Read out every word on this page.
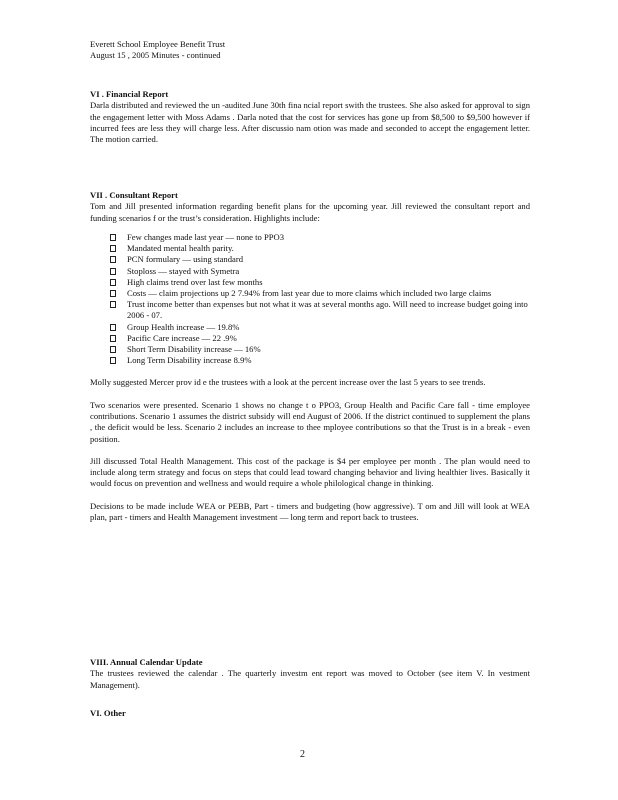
Everett School Employee Benefit Trust
August 15 , 2005 Minutes - continued
VI . Financial Report

Darla distributed and reviewed the un -audited June 30th fina ncial report swith the trustees. She also asked for approval to sign the engagement letter with Moss Adams . Darla noted that the cost for services has gone up from $8,500 to $9,500 however if incurred fees are less they will charge less. After discussio nam otion was made and seconded to accept the engagement letter. The motion carried.

VII . Consultant Report

Tom and Jill presented information regarding benefit plans for the upcoming year. Jill reviewed the consultant report and funding scenarios f or the trust’s consideration. Highlights include:

Few changes made last year — none to PPO3
Mandated mental health parity.
PCN formulary — using standard
Stoploss — stayed with Symetra
High claims trend over last few months
Costs — claim projections up 2 7.94% from last year due to more claims which included two large claims
Trust income better than expenses but not what it was at several months ago. Will need to increase budget going into 2006 - 07.
Group Health increase — 19.8%
Pacific Care increase — 22 .9%
Short Term Disability increase — 16%
Long Term Disability increase 8.9%

Molly suggested Mercer prov id e the trustees with a look at the percent increase over the last 5 years to see trends.

Two scenarios were presented. Scenario 1 shows no change t o PPO3, Group Health and Pacific Care fall - time employee contributions. Scenario 1 assumes the district subsidy will end August of 2006. If the district continued to supplement the plans , the deficit would be less. Scenario 2 includes an increase to thee mployee contributions so that the Trust is in a break - even position.

Jill discussed Total Health Management. This cost of the package is $4 per employee per month . The plan would need to include along term strategy and focus on steps that could lead toward changing behavior and living healthier lives. Basically it would focus on prevention and wellness and would require a whole philological change in thinking.

Decisions to be made include WEA or PEBB, Part - timers and budgeting (how aggressive). T om and Jill will look at WEA plan, part - timers and Health Management investment — long term and report back to trustees.

VIII. Annual Calendar Update

The trustees reviewed the calendar . The quarterly investm ent report was moved to October (see item V. In vestment Management).

VI. Other
2
